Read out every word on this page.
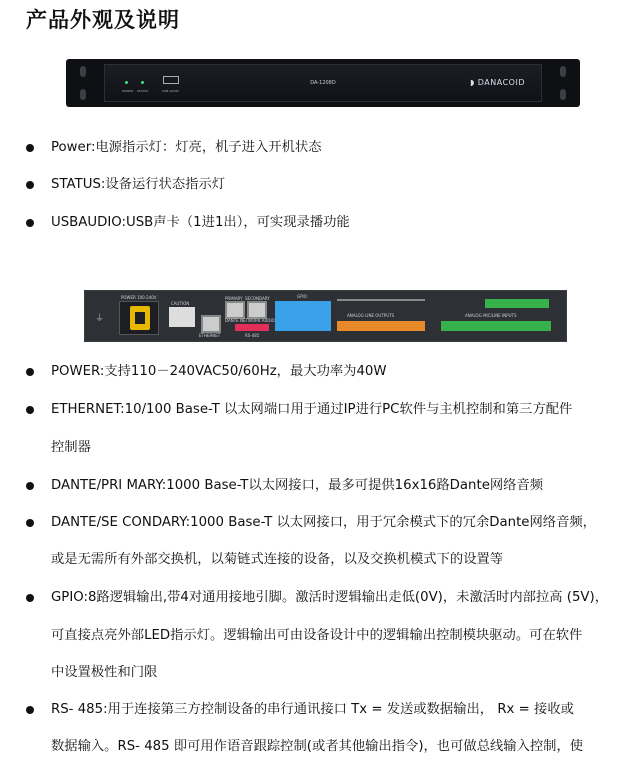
产品外观及说明
POWER STATUS	USB AUDIO
DA-1208D	◗ DANACOID
Power:电源指示灯：灯亮，机子进入开机状态
STATUS:设备运行状态指示灯
USBAUDIO:USB声卡（1进1出），可实现录播功能
⏚
POWER 100-240V
CAUTION
ETHERNET
PRIMARY SECONDARY
DANTE NETWORK AUDIO
RS-485
GPIO
ANALOG LINE OUTPUTS	ANALOG MIC/LINE INPUTS
POWER:支持110－240VAC50/60Hz，最大功率为40W
ETHERNET:10/100 Base-T 以太网端口用于通过IP进行PC软件与主机控制和第三方配件
控制器
DANTE/PRI MARY:1000 Base-T以太网接口，最多可提供16x16路Dante网络音频
DANTE/SE CONDARY:1000 Base-T 以太网接口，用于冗余模式下的冗余Dante网络音频，
或是无需所有外部交换机，以菊链式连接的设备，以及交换机模式下的设置等
GPIO:8路逻辑输出,带4对通用接地引脚。激活时逻辑输出走低(0V)，未激活时内部拉高 (5V)，
可直接点亮外部LED指示灯。逻辑输出可由设备设计中的逻辑输出控制模块驱动。可在软件
中设置极性和门限
RS- 485:用于连接第三方控制设备的串行通讯接口 Tx = 发送或数据输出， Rx = 接收或
数据输入。RS- 485 即可用作语音跟踪控制(或者其他输出指令)，也可做总线输入控制，使
